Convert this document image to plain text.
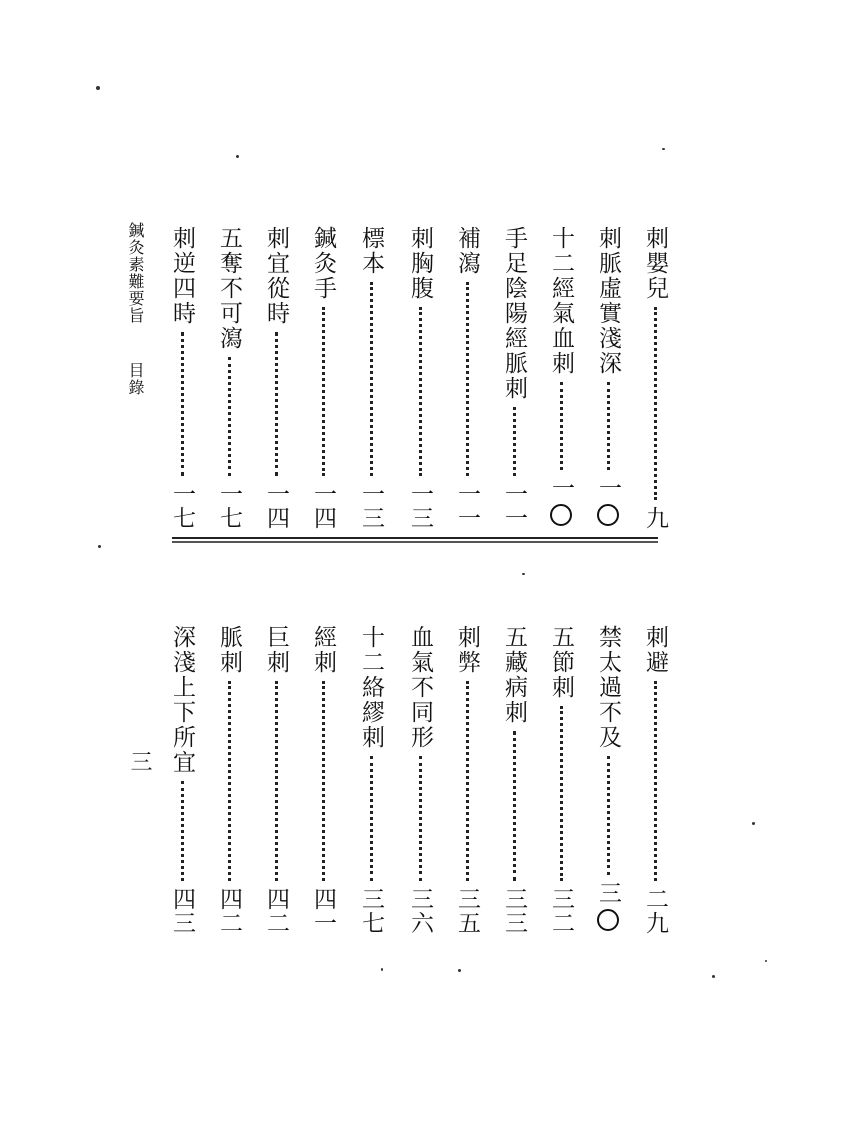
刺嬰兒
九
刺脈虛實淺深
一
十二經氣血刺
一
手足陰陽經脈刺
一一
補瀉
一一
刺胸腹
一三
標本
一三
鍼灸手
一四
刺宜從時
一四
五奪不可瀉
一七
刺逆四時
一七
鍼灸素難要旨
目錄
刺避
二九
禁太過不及
三
五節刺
三二
五藏病刺
三三
刺弊
三五
血氣不同形
三六
十二絡繆刺
三七
經刺
四一
巨刺
四二
脈刺
四二
深淺上下所宜
四三
三
